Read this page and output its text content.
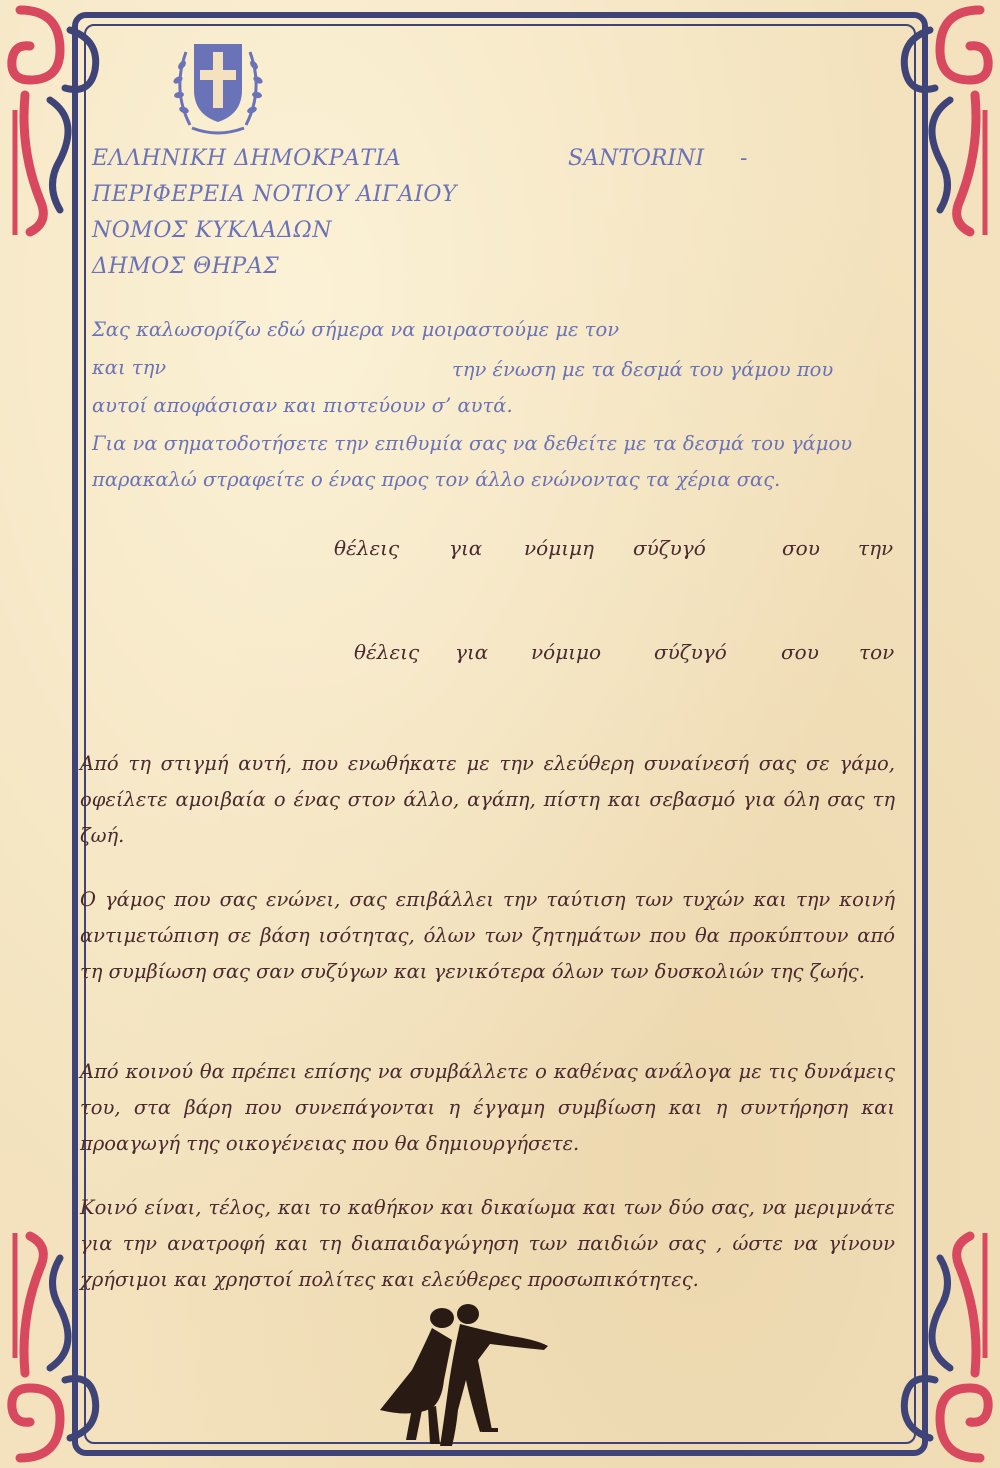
ΕΛΛΗΝΙΚΗ ΔΗΜΟΚΡΑΤΙΑ
ΠΕΡΙΦΕΡΕΙΑ ΝΟΤΙΟΥ ΑΙΓΑΙΟΥ
ΝΟΜΟΣ ΚΥΚΛΑΔΩΝ
ΔΗΜΟΣ ΘΗΡΑΣ
SANTORINI -
Σας καλωσορίζω εδώ σήμερα να μοιραστούμε με τον
και την	την ένωση με τα δεσμά του γάμου που
αυτοί αποφάσισαν και πιστεύουν σ’ αυτά.
Για να σηματοδοτήσετε την επιθυμία σας να δεθείτε με τα δεσμά του γάμου
παρακαλώ στραφείτε ο ένας προς τον άλλο ενώνοντας τα χέρια σας.
θέλεις για νόμιμη σύζυγό	σου την
θέλεις για νόμιμο	σύζυγό	σου τον
Από τη στιγμή αυτή, που ενωθήκατε με την ελεύθερη συναίνεσή σας σε γάμο, οφείλετε αμοιβαία ο ένας στον άλλο, αγάπη, πίστη και σεβασμό για όλη σας τη ζωή.
Ο γάμος που σας ενώνει, σας επιβάλλει την ταύτιση των τυχών και την κοινή αντιμετώπιση σε βάση ισότητας, όλων των ζητημάτων που θα προκύπτουν από τη συμβίωση σας σαν συζύγων και γενικότερα όλων των δυσκολιών της ζωής.
Από κοινού θα πρέπει επίσης να συμβάλλετε ο καθένας ανάλογα με τις δυνάμεις του, στα βάρη που συνεπάγονται η έγγαμη συμβίωση και η συντήρηση και προαγωγή της οικογένειας που θα δημιουργήσετε.
Κοινό είναι, τέλος, και το καθήκον και δικαίωμα και των δύο σας, να μεριμνάτε για την ανατροφή και τη διαπαιδαγώγηση των παιδιών σας , ώστε να γίνουν χρήσιμοι και χρηστοί πολίτες και ελεύθερες προσωπικότητες.
